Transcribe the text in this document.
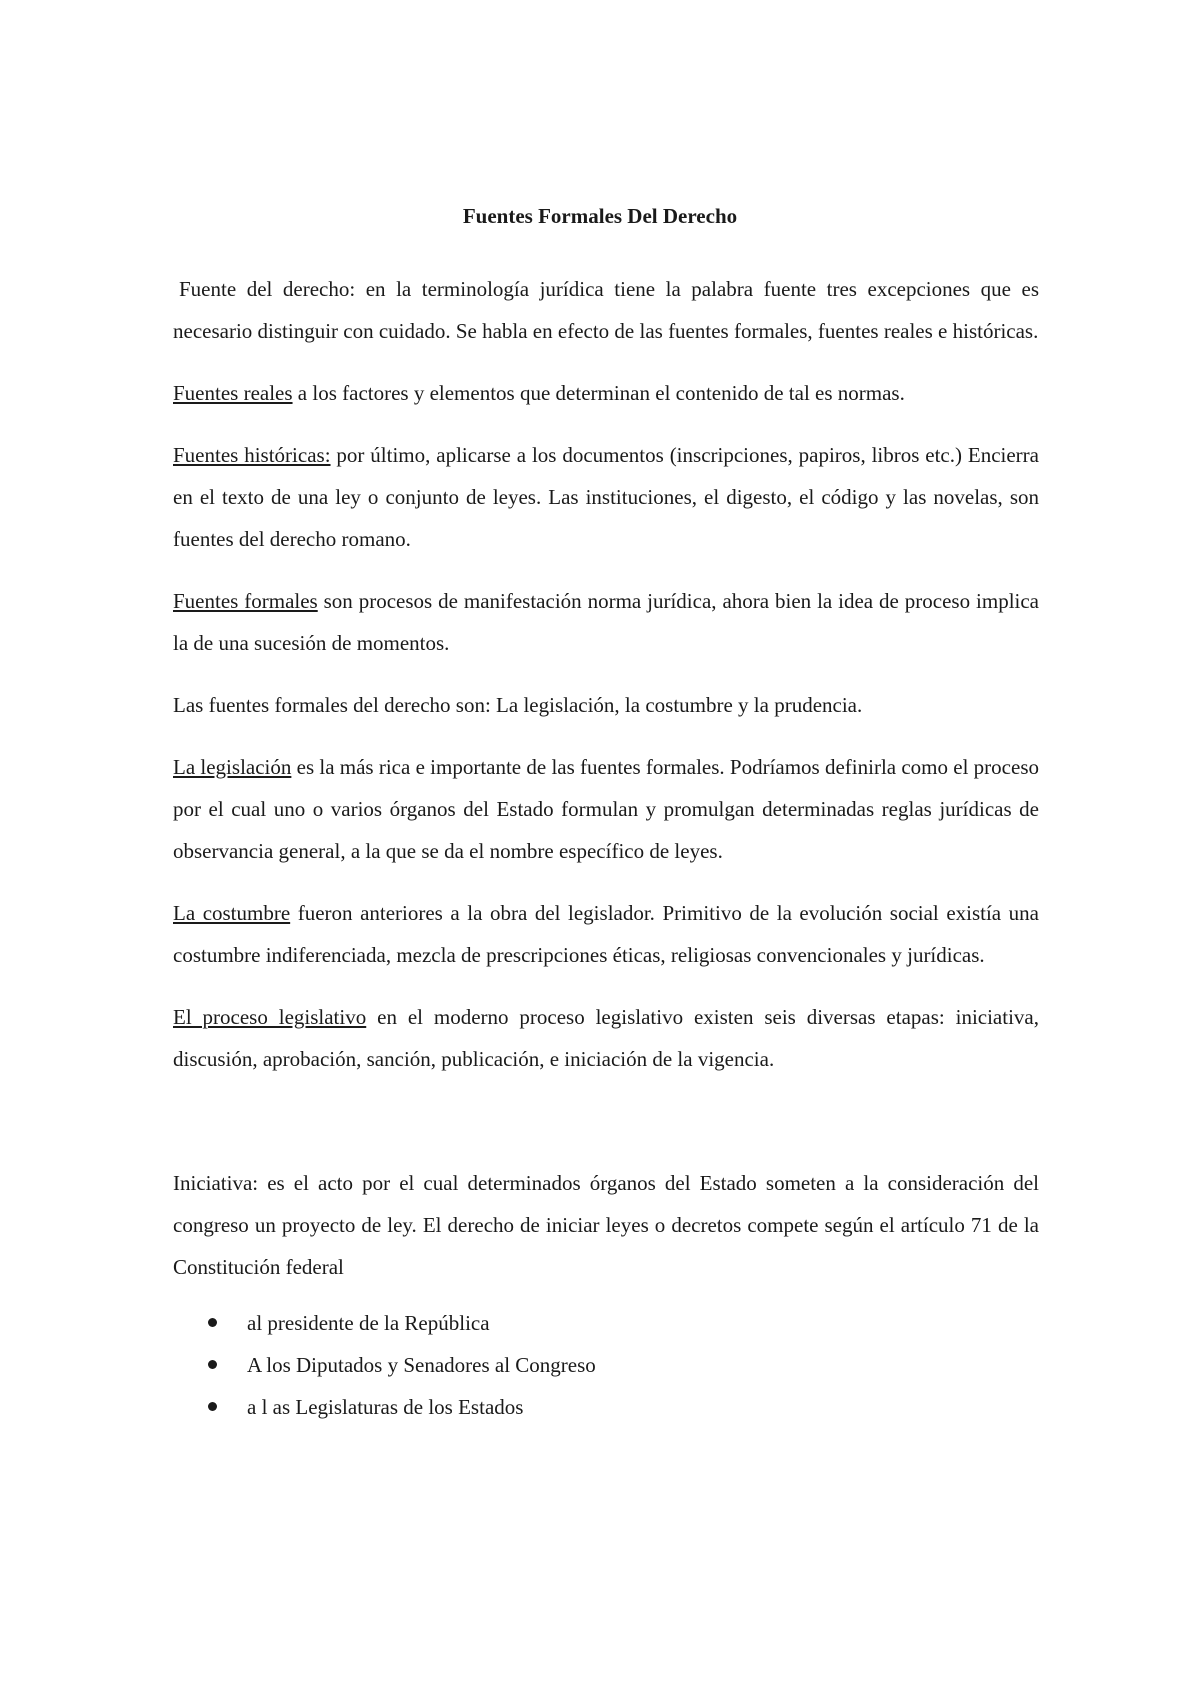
Fuentes Formales Del Derecho

Fuente del derecho: en la terminología jurídica tiene la palabra fuente tres excepciones que es necesario distinguir con cuidado. Se habla en efecto de las fuentes formales, fuentes reales e históricas.

Fuentes reales a los factores y elementos que determinan el contenido de tal es normas.

Fuentes históricas: por último, aplicarse a los documentos (inscripciones, papiros, libros etc.) Encierra en el texto de una ley o conjunto de leyes. Las instituciones, el digesto, el código y las novelas, son fuentes del derecho romano.

Fuentes formales son procesos de manifestación norma jurídica, ahora bien la idea de proceso implica la de una sucesión de momentos.

Las fuentes formales del derecho son: La legislación, la costumbre y la prudencia.

La legislación es la más rica e importante de las fuentes formales. Podríamos definirla como el proceso por el cual uno o varios órganos del Estado formulan y promulgan determinadas reglas jurídicas de observancia general, a la que se da el nombre específico de leyes.

La costumbre fueron anteriores a la obra del legislador. Primitivo de la evolución social existía una costumbre indiferenciada, mezcla de prescripciones éticas, religiosas convencionales y jurídicas.

El proceso legislativo en el moderno proceso legislativo existen seis diversas etapas: iniciativa, discusión, aprobación, sanción, publicación, e iniciación de la vigencia.

Iniciativa: es el acto por el cual determinados órganos del Estado someten a la consideración del congreso un proyecto de ley. El derecho de iniciar leyes o decretos compete según el artículo 71 de la Constitución federal

al presidente de la República
A los Diputados y Senadores al Congreso
a l as Legislaturas de los Estados
